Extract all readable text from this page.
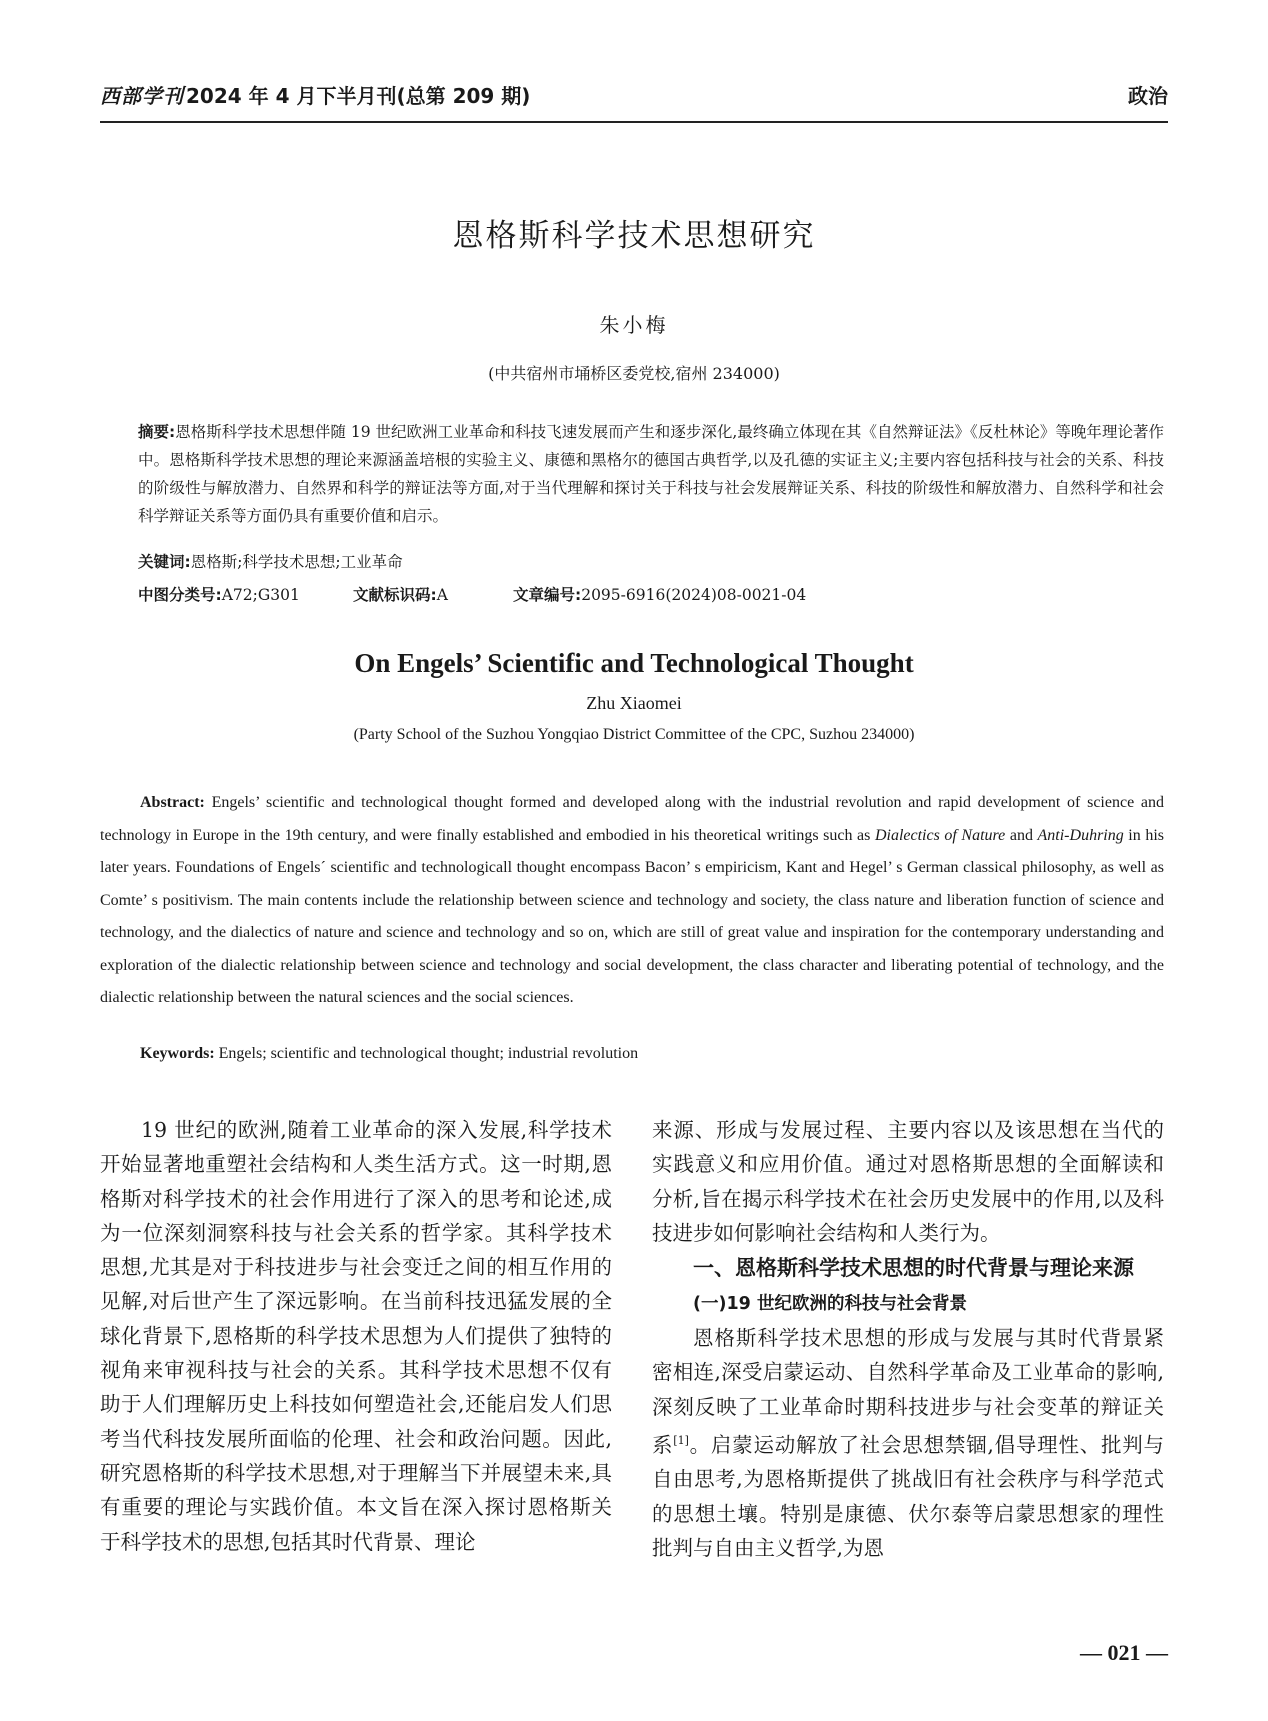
西部学刊 2024 年 4 月下半月刊(总第 209 期)	政治
恩格斯科学技术思想研究
朱小梅
(中共宿州市埇桥区委党校,宿州 234000)

摘要:恩格斯科学技术思想伴随 19 世纪欧洲工业革命和科技飞速发展而产生和逐步深化,最终确立体现在其《自然辩证法》《反杜林论》等晚年理论著作中。恩格斯科学技术思想的理论来源涵盖培根的实验主义、康德和黑格尔的德国古典哲学,以及孔德的实证主义;主要内容包括科技与社会的关系、科技的阶级性与解放潜力、自然界和科学的辩证法等方面,对于当代理解和探讨关于科技与社会发展辩证关系、科技的阶级性和解放潜力、自然科学和社会科学辩证关系等方面仍具有重要价值和启示。

关键词:恩格斯;科学技术思想;工业革命
中图分类号:A72;G301	文献标识码:A	文章编号:2095-6916(2024)08-0021-04
On Engels’ Scientific and Technological Thought
Zhu Xiaomei
(Party School of the Suzhou Yongqiao District Committee of the CPC, Suzhou 234000)

Abstract: Engels’ scientific and technological thought formed and developed along with the industrial revolution and rapid development of science and technology in Europe in the 19th century, and were finally established and embodied in his theoretical writings such as Dialectics of Nature and Anti-Duhring in his later years. Foundations of Engels´ scientific and technologicall thought encompass Bacon’ s empiricism, Kant and Hegel’ s German classical philosophy, as well as Comte’ s positivism. The main contents include the relationship between science and technology and society, the class nature and liberation function of science and technology, and the dialectics of nature and science and technology and so on, which are still of great value and inspiration for the contemporary understanding and exploration of the dialectic relationship between science and technology and social development, the class character and liberating potential of technology, and the dialectic relationship between the natural sciences and the social sciences.

Keywords: Engels; scientific and technological thought; industrial revolution

19 世纪的欧洲,随着工业革命的深入发展,科学技术开始显著地重塑社会结构和人类生活方式。这一时期,恩格斯对科学技术的社会作用进行了深入的思考和论述,成为一位深刻洞察科技与社会关系的哲学家。其科学技术思想,尤其是对于科技进步与社会变迁之间的相互作用的见解,对后世产生了深远影响。在当前科技迅猛发展的全球化背景下,恩格斯的科学技术思想为人们提供了独特的视角来审视科技与社会的关系。其科学技术思想不仅有助于人们理解历史上科技如何塑造社会,还能启发人们思考当代科技发展所面临的伦理、社会和政治问题。因此,研究恩格斯的科学技术思想,对于理解当下并展望未来,具有重要的理论与实践价值。本文旨在深入探讨恩格斯关于科学技术的思想,包括其时代背景、理论

来源、形成与发展过程、主要内容以及该思想在当代的实践意义和应用价值。通过对恩格斯思想的全面解读和分析,旨在揭示科学技术在社会历史发展中的作用,以及科技进步如何影响社会结构和人类行为。

一、恩格斯科学技术思想的时代背景与理论来源

(一)19 世纪欧洲的科技与社会背景

恩格斯科学技术思想的形成与发展与其时代背景紧密相连,深受启蒙运动、自然科学革命及工业革命的影响,深刻反映了工业革命时期科技进步与社会变革的辩证关系[1]。启蒙运动解放了社会思想禁锢,倡导理性、批判与自由思考,为恩格斯提供了挑战旧有社会秩序与科学范式的思想土壤。特别是康德、伏尔泰等启蒙思想家的理性批判与自由主义哲学,为恩

— 021 —
